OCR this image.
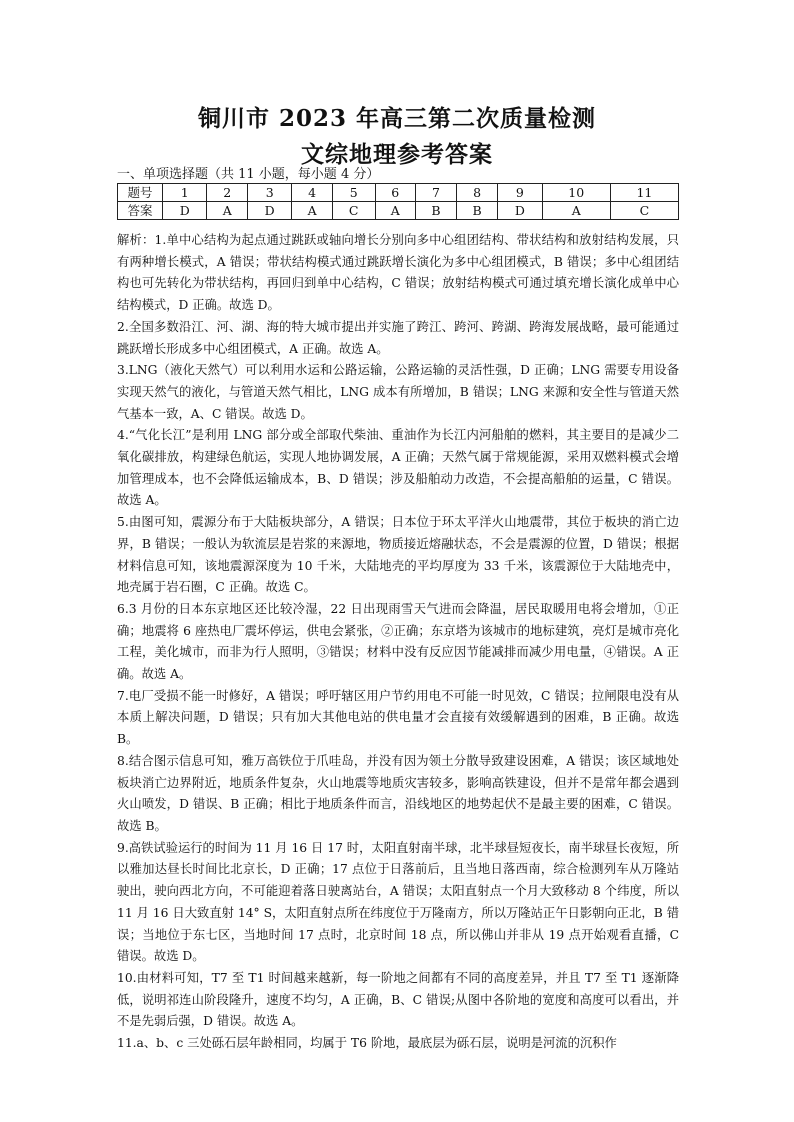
铜川市 2023 年高三第二次质量检测
文综地理参考答案
一、单项选择题（共 11 小题，每小题 4 分）
题号	1	2	3	4	5	6	7	8	9	10	11
答案	D	A	D	A	C	A	B	B	D	A	C

解析：1.单中心结构为起点通过跳跃或轴向增长分别向多中心组团结构、带状结构和放射结构发展，只有两种增长模式，A 错误；带状结构模式通过跳跃增长演化为多中心组团模式，B 错误；多中心组团结构也可先转化为带状结构，再回归到单中心结构，C 错误；放射结构模式可通过填充增长演化成单中心结构模式，D 正确。故选 D。

2.全国多数沿江、河、湖、海的特大城市提出并实施了跨江、跨河、跨湖、跨海发展战略，最可能通过跳跃增长形成多中心组团模式，A 正确。故选 A。

3.LNG（液化天然气）可以利用水运和公路运输，公路运输的灵活性强，D 正确；LNG 需要专用设备实现天然气的液化，与管道天然气相比，LNG 成本有所增加，B 错误；LNG 来源和安全性与管道天然气基本一致，A、C 错误。故选 D。

4.“气化长江”是利用 LNG 部分或全部取代柴油、重油作为长江内河船舶的燃料，其主要目的是减少二氧化碳排放，构建绿色航运，实现人地协调发展，A 正确；天然气属于常规能源，采用双燃料模式会增加管理成本，也不会降低运输成本，B、D 错误；涉及船舶动力改造，不会提高船舶的运量，C 错误。故选 A。

5.由图可知，震源分布于大陆板块部分，A 错误；日本位于环太平洋火山地震带，其位于板块的消亡边界，B 错误；一般认为软流层是岩浆的来源地，物质接近熔融状态，不会是震源的位置，D 错误；根据材料信息可知，该地震源深度为 10 千米，大陆地壳的平均厚度为 33 千米，该震源位于大陆地壳中，地壳属于岩石圈，C 正确。故选 C。

6.3 月份的日本东京地区还比较冷湿，22 日出现雨雪天气进而会降温，居民取暖用电将会增加，①正确；地震将 6 座热电厂震坏停运，供电会紧张，②正确；东京塔为该城市的地标建筑，亮灯是城市亮化工程，美化城市，而非为行人照明，③错误；材料中没有反应因节能减排而减少用电量，④错误。A 正确。故选 A。

7.电厂受损不能一时修好，A 错误；呼吁辖区用户节约用电不可能一时见效，C 错误；拉闸限电没有从本质上解决问题，D 错误；只有加大其他电站的供电量才会直接有效缓解遇到的困难，B 正确。故选 B。

8.结合图示信息可知，雅万高铁位于爪哇岛，并没有因为领土分散导致建设困难，A 错误；该区域地处板块消亡边界附近，地质条件复杂，火山地震等地质灾害较多，影响高铁建设，但并不是常年都会遇到火山喷发，D 错误、B 正确；相比于地质条件而言，沿线地区的地势起伏不是最主要的困难，C 错误。故选 B。

9.高铁试验运行的时间为 11 月 16 日 17 时，太阳直射南半球，北半球昼短夜长，南半球昼长夜短，所以雅加达昼长时间比北京长，D 正确；17 点位于日落前后，且当地日落西南，综合检测列车从万隆站驶出，驶向西北方向，不可能迎着落日驶离站台，A 错误；太阳直射点一个月大致移动 8 个纬度，所以 11 月 16 日大致直射 14° S，太阳直射点所在纬度位于万隆南方，所以万隆站正午日影朝向正北，B 错误；当地位于东七区，当地时间 17 点时，北京时间 18 点，所以佛山并非从 19 点开始观看直播，C 错误。故选 D。

10.由材料可知，T7 至 T1 时间越来越新，每一阶地之间都有不同的高度差异，并且 T7 至 T1 逐渐降低，说明祁连山阶段隆升，速度不均匀，A 正确，B、C 错误;从图中各阶地的宽度和高度可以看出，并不是先弱后强，D 错误。故选 A。

11.a、b、c 三处砾石层年龄相同，均属于 T6 阶地，最底层为砾石层，说明是河流的沉积作
